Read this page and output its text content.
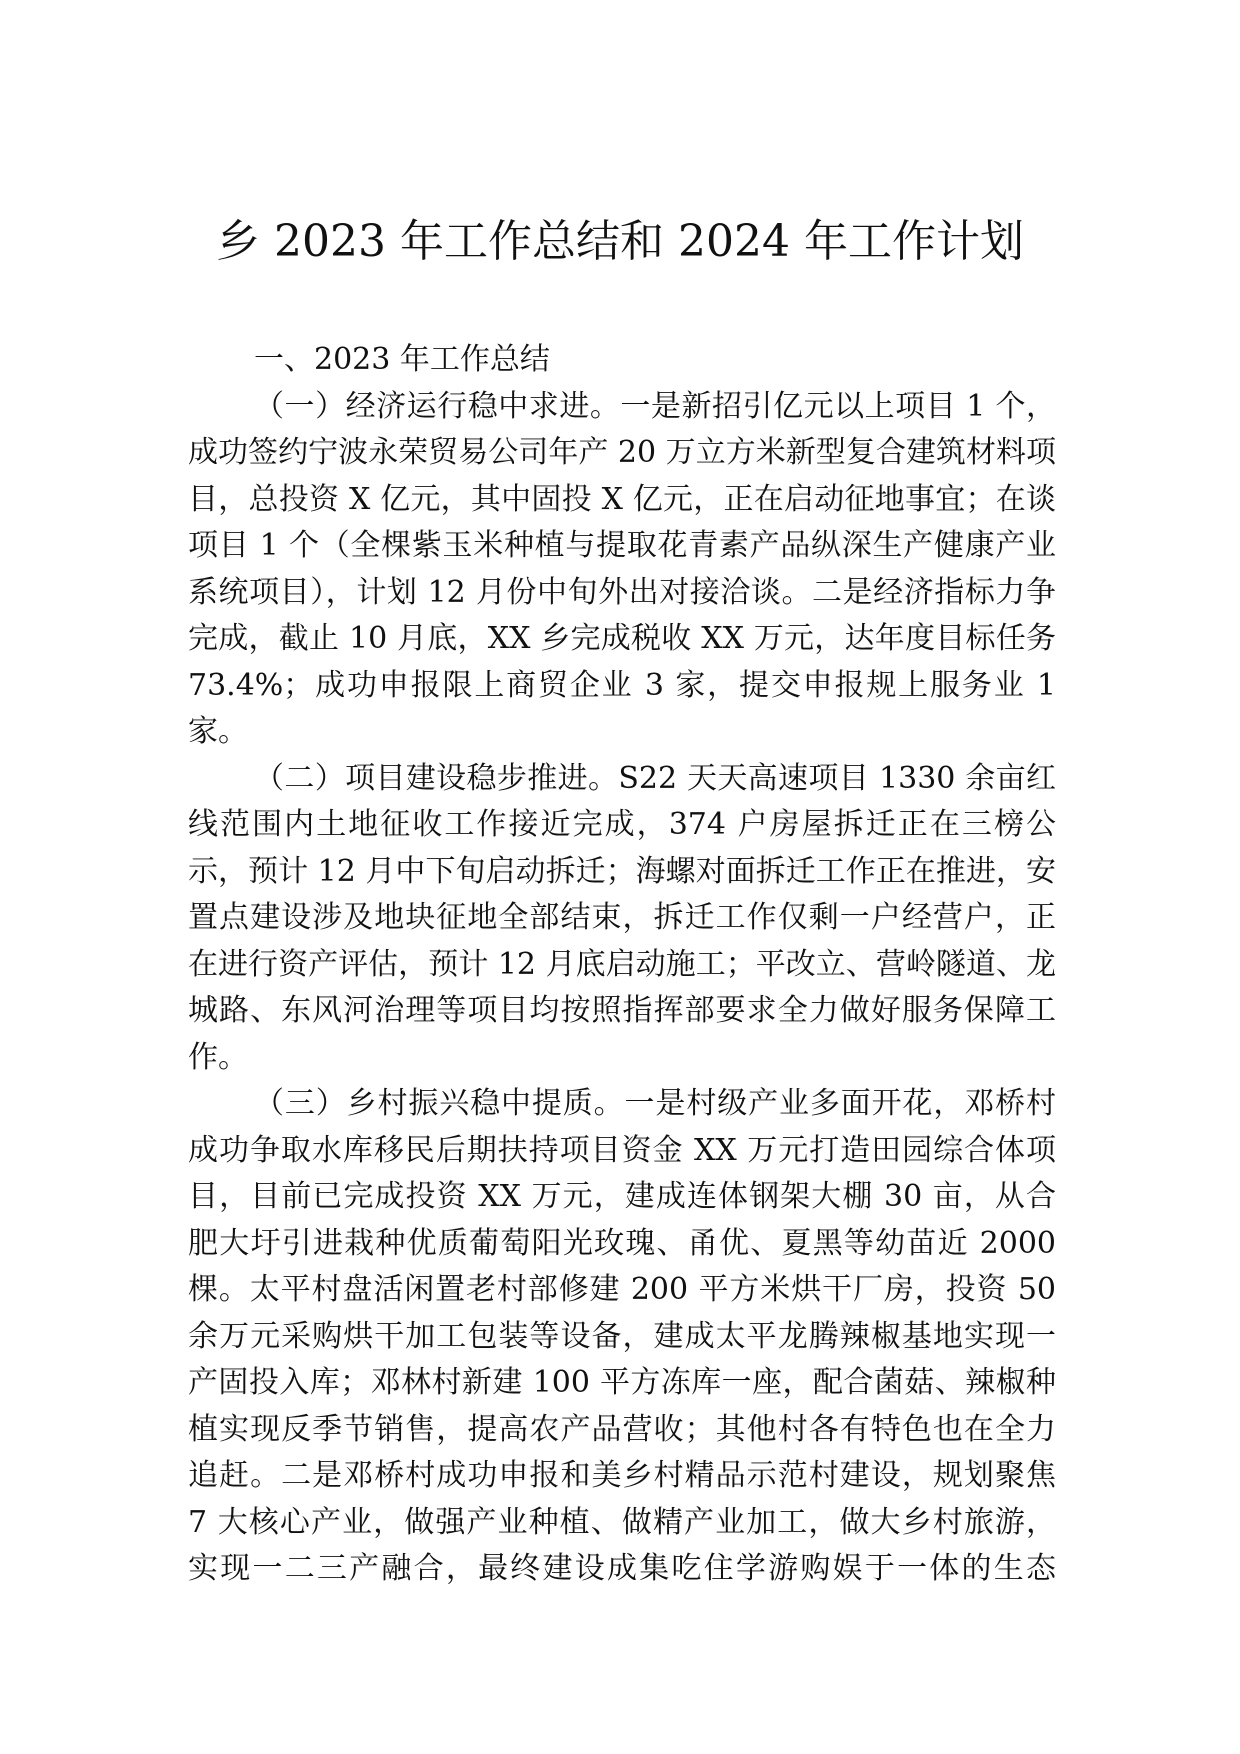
乡 2023 年工作总结和 2024 年工作计划

一、2023 年工作总结

（一）经济运行稳中求进。一是新招引亿元以上项目 1 个，成功签约宁波永荣贸易公司年产 20 万立方米新型复合建筑材料项目，总投资 X 亿元，其中固投 X 亿元，正在启动征地事宜；在谈项目 1 个（全棵紫玉米种植与提取花青素产品纵深生产健康产业系统项目），计划 12 月份中旬外出对接洽谈。二是经济指标力争完成，截止 10 月底，XX 乡完成税收 XX 万元，达年度目标任务 73.4%；成功申报限上商贸企业 3 家，提交申报规上服务业 1 家。

（二）项目建设稳步推进。S22 天天高速项目 1330 余亩红线范围内土地征收工作接近完成，374 户房屋拆迁正在三榜公示，预计 12 月中下旬启动拆迁；海螺对面拆迁工作正在推进，安置点建设涉及地块征地全部结束，拆迁工作仅剩一户经营户，正在进行资产评估，预计 12 月底启动施工；平改立、营岭隧道、龙城路、东风河治理等项目均按照指挥部要求全力做好服务保障工作。

（三）乡村振兴稳中提质。一是村级产业多面开花，邓桥村成功争取水库移民后期扶持项目资金 XX 万元打造田园综合体项目，目前已完成投资 XX 万元，建成连体钢架大棚 30 亩，从合肥大圩引进栽种优质葡萄阳光玫瑰、甬优、夏黑等幼苗近 2000 棵。太平村盘活闲置老村部修建 200 平方米烘干厂房，投资 50 余万元采购烘干加工包装等设备，建成太平龙腾辣椒基地实现一产固投入库；邓林村新建 100 平方冻库一座，配合菌菇、辣椒种植实现反季节销售，提高农产品营收；其他村各有特色也在全力追赶。二是邓桥村成功申报和美乡村精品示范村建设，规划聚焦 7 大核心产业，做强产业种植、做精产业加工，做大乡村旅游，实现一二三产融合，最终建设成集吃住学游购娱于一体的生态
